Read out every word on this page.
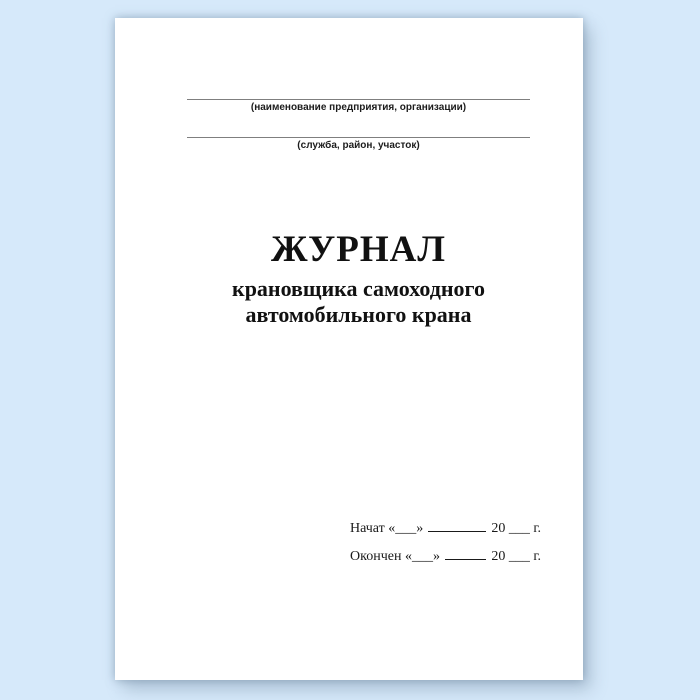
(наименование предприятия, организации)
(служба, район, участок)
ЖУРНАЛ
крановщика самоходного
автомобильного крана
Начат «___»	20 ___ г.
Окончен «___»	20 ___ г.
